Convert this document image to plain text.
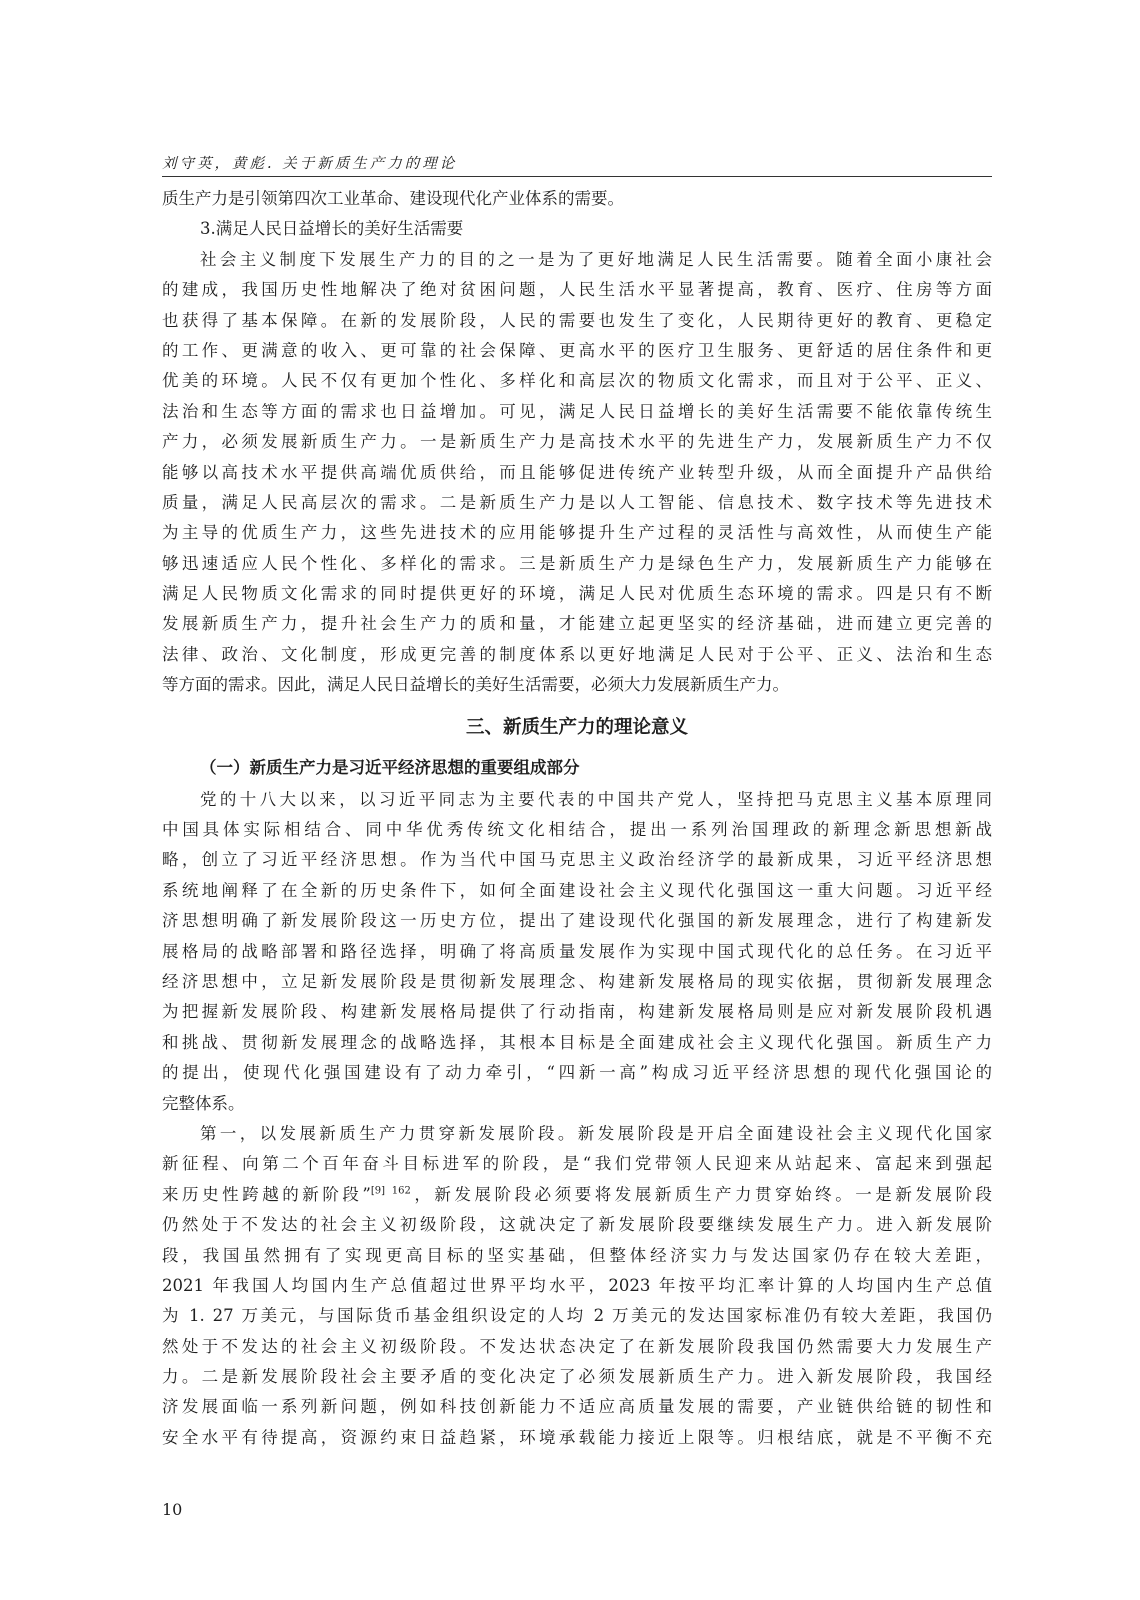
刘守英，黄彪. 关于新质生产力的理论
质生产力是引领第四次工业革命、建设现代化产业体系的需要。
3.满足人民日益增长的美好生活需要
社会主义制度下发展生产力的目的之一是为了更好地满足人民生活需要。随着全面小康社会
的建成，我国历史性地解决了绝对贫困问题，人民生活水平显著提高，教育、医疗、住房等方面
也获得了基本保障。在新的发展阶段，人民的需要也发生了变化，人民期待更好的教育、更稳定
的工作、更满意的收入、更可靠的社会保障、更高水平的医疗卫生服务、更舒适的居住条件和更
优美的环境。人民不仅有更加个性化、多样化和高层次的物质文化需求，而且对于公平、正义、
法治和生态等方面的需求也日益增加。可见，满足人民日益增长的美好生活需要不能依靠传统生
产力，必须发展新质生产力。一是新质生产力是高技术水平的先进生产力，发展新质生产力不仅
能够以高技术水平提供高端优质供给，而且能够促进传统产业转型升级，从而全面提升产品供给
质量，满足人民高层次的需求。二是新质生产力是以人工智能、信息技术、数字技术等先进技术
为主导的优质生产力，这些先进技术的应用能够提升生产过程的灵活性与高效性，从而使生产能
够迅速适应人民个性化、多样化的需求。三是新质生产力是绿色生产力，发展新质生产力能够在
满足人民物质文化需求的同时提供更好的环境，满足人民对优质生态环境的需求。四是只有不断
发展新质生产力，提升社会生产力的质和量，才能建立起更坚实的经济基础，进而建立更完善的
法律、政治、文化制度，形成更完善的制度体系以更好地满足人民对于公平、正义、法治和生态
等方面的需求。因此，满足人民日益增长的美好生活需要，必须大力发展新质生产力。
三、新质生产力的理论意义
（一）新质生产力是习近平经济思想的重要组成部分
党的十八大以来，以习近平同志为主要代表的中国共产党人，坚持把马克思主义基本原理同
中国具体实际相结合、同中华优秀传统文化相结合，提出一系列治国理政的新理念新思想新战
略，创立了习近平经济思想。作为当代中国马克思主义政治经济学的最新成果，习近平经济思想
系统地阐释了在全新的历史条件下，如何全面建设社会主义现代化强国这一重大问题。习近平经
济思想明确了新发展阶段这一历史方位，提出了建设现代化强国的新发展理念，进行了构建新发
展格局的战略部署和路径选择，明确了将高质量发展作为实现中国式现代化的总任务。在习近平
经济思想中，立足新发展阶段是贯彻新发展理念、构建新发展格局的现实依据，贯彻新发展理念
为把握新发展阶段、构建新发展格局提供了行动指南，构建新发展格局则是应对新发展阶段机遇
和挑战、贯彻新发展理念的战略选择，其根本目标是全面建成社会主义现代化强国。新质生产力
的提出，使现代化强国建设有了动力牵引，“四新一高”构成习近平经济思想的现代化强国论的
完整体系。
第一，以发展新质生产力贯穿新发展阶段。新发展阶段是开启全面建设社会主义现代化国家
新征程、向第二个百年奋斗目标进军的阶段，是“我们党带领人民迎来从站起来、富起来到强起
来历史性跨越的新阶段”$^{[9] 162}$，新发展阶段必须要将发展新质生产力贯穿始终。一是新发展阶段
仍然处于不发达的社会主义初级阶段，这就决定了新发展阶段要继续发展生产力。进入新发展阶
段，我国虽然拥有了实现更高目标的坚实基础，但整体经济实力与发达国家仍存在较大差距，
2021 年我国人均国内生产总值超过世界平均水平，2023 年按平均汇率计算的人均国内生产总值
为 1. 27 万美元，与国际货币基金组织设定的人均 2 万美元的发达国家标准仍有较大差距，我国仍
然处于不发达的社会主义初级阶段。不发达状态决定了在新发展阶段我国仍然需要大力发展生产
力。二是新发展阶段社会主要矛盾的变化决定了必须发展新质生产力。进入新发展阶段，我国经
济发展面临一系列新问题，例如科技创新能力不适应高质量发展的需要，产业链供给链的韧性和
安全水平有待提高，资源约束日益趋紧，环境承载能力接近上限等。归根结底，就是不平衡不充
10
